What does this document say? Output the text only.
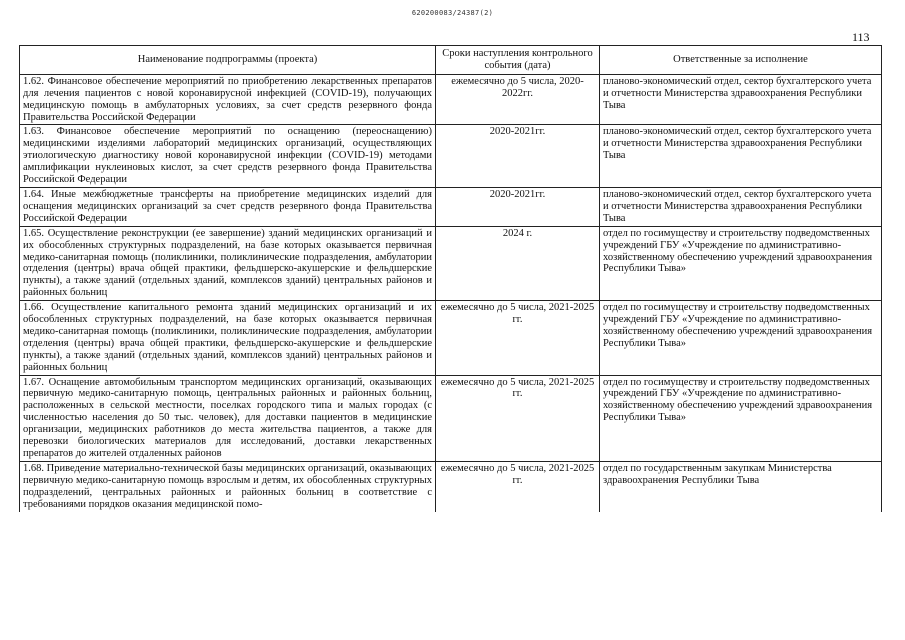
620200083/24387(2)
113
Наименование подпрограммы (проекта)	Сроки наступления контрольного события (дата)	Ответственные за исполнение
1.62. Финансовое обеспечение мероприятий по приобретению лекарственных препаратов для лечения пациентов с новой коронавирусной инфекцией (COVID-19), получающих медицинскую помощь в амбулаторных условиях, за счет средств резервного фонда Правительства Российской Федерации	ежемесячно до 5 числа, 2020-2022гг.	планово-экономический отдел, сектор бухгалтерского учета и отчетности Министерства здравоохранения Республики Тыва
1.63. Финансовое обеспечение мероприятий по оснащению (переоснащению) медицинскими изделиями лабораторий медицинских организаций, осуществляющих этиологическую диагностику новой коронавирусной инфекции (COVID-19) методами амплификации нуклеиновых кислот, за счет средств резервного фонда Правительства Российской Федерации	2020-2021гг.	планово-экономический отдел, сектор бухгалтерского учета и отчетности Министерства здравоохранения Республики Тыва
1.64. Иные межбюджетные трансферты на приобретение медицинских изделий для оснащения медицинских организаций за счет средств резервного фонда Правительства Российской Федерации	2020-2021гг.	планово-экономический отдел, сектор бухгалтерского учета и отчетности Министерства здравоохранения Республики Тыва
1.65. Осуществление реконструкции (ее завершение) зданий медицинских организаций и их обособленных структурных подразделений, на базе которых оказывается первичная медико-санитарная помощь (поликлиники, поликлинические подразделения, амбулатории отделения (центры) врача общей практики, фельдшерско-акушерские и фельдшерские пункты), а также зданий (отдельных зданий, комплексов зданий) центральных районов и районных больниц	2024 г.	отдел по госимуществу и строительству подведомственных учреждений ГБУ «Учреждение по административно-хозяйственному обеспечению учреждений здравоохранения Республики Тыва»
1.66. Осуществление капитального ремонта зданий медицинских организаций и их обособленных структурных подразделений, на базе которых оказывается первичная медико-санитарная помощь (поликлиники, поликлинические подразделения, амбулатории отделения (центры) врача общей практики, фельдшерско-акушерские и фельдшерские пункты), а также зданий (отдельных зданий, комплексов зданий) центральных районов и районных больниц	ежемесячно до 5 числа, 2021-2025 гг.	отдел по госимуществу и строительству подведомственных учреждений ГБУ «Учреждение по административно-хозяйственному обеспечению учреждений здравоохранения Республики Тыва»
1.67. Оснащение автомобильным транспортом медицинских организаций, оказывающих первичную медико-санитарную помощь, центральных районных и районных больниц, расположенных в сельской местности, поселках городского типа и малых городах (с численностью населения до 50 тыс. человек), для доставки пациентов в медицинские организации, медицинских работников до места жительства пациентов, а также для перевозки биологических материалов для исследований, доставки лекарственных препаратов до жителей отдаленных районов	ежемесячно до 5 числа, 2021-2025 гг.	отдел по госимуществу и строительству подведомственных учреждений ГБУ «Учреждение по административно-хозяйственному обеспечению учреждений здравоохранения Республики Тыва»
1.68. Приведение материально-технической базы медицинских организаций, оказывающих первичную медико-санитарную помощь взрослым и детям, их обособленных структурных подразделений, центральных районных и районных больниц в соответствие с требованиями порядков оказания медицинской помо-	ежемесячно до 5 числа, 2021-2025 гг.	отдел по государственным закупкам Министерства здравоохранения Республики Тыва
